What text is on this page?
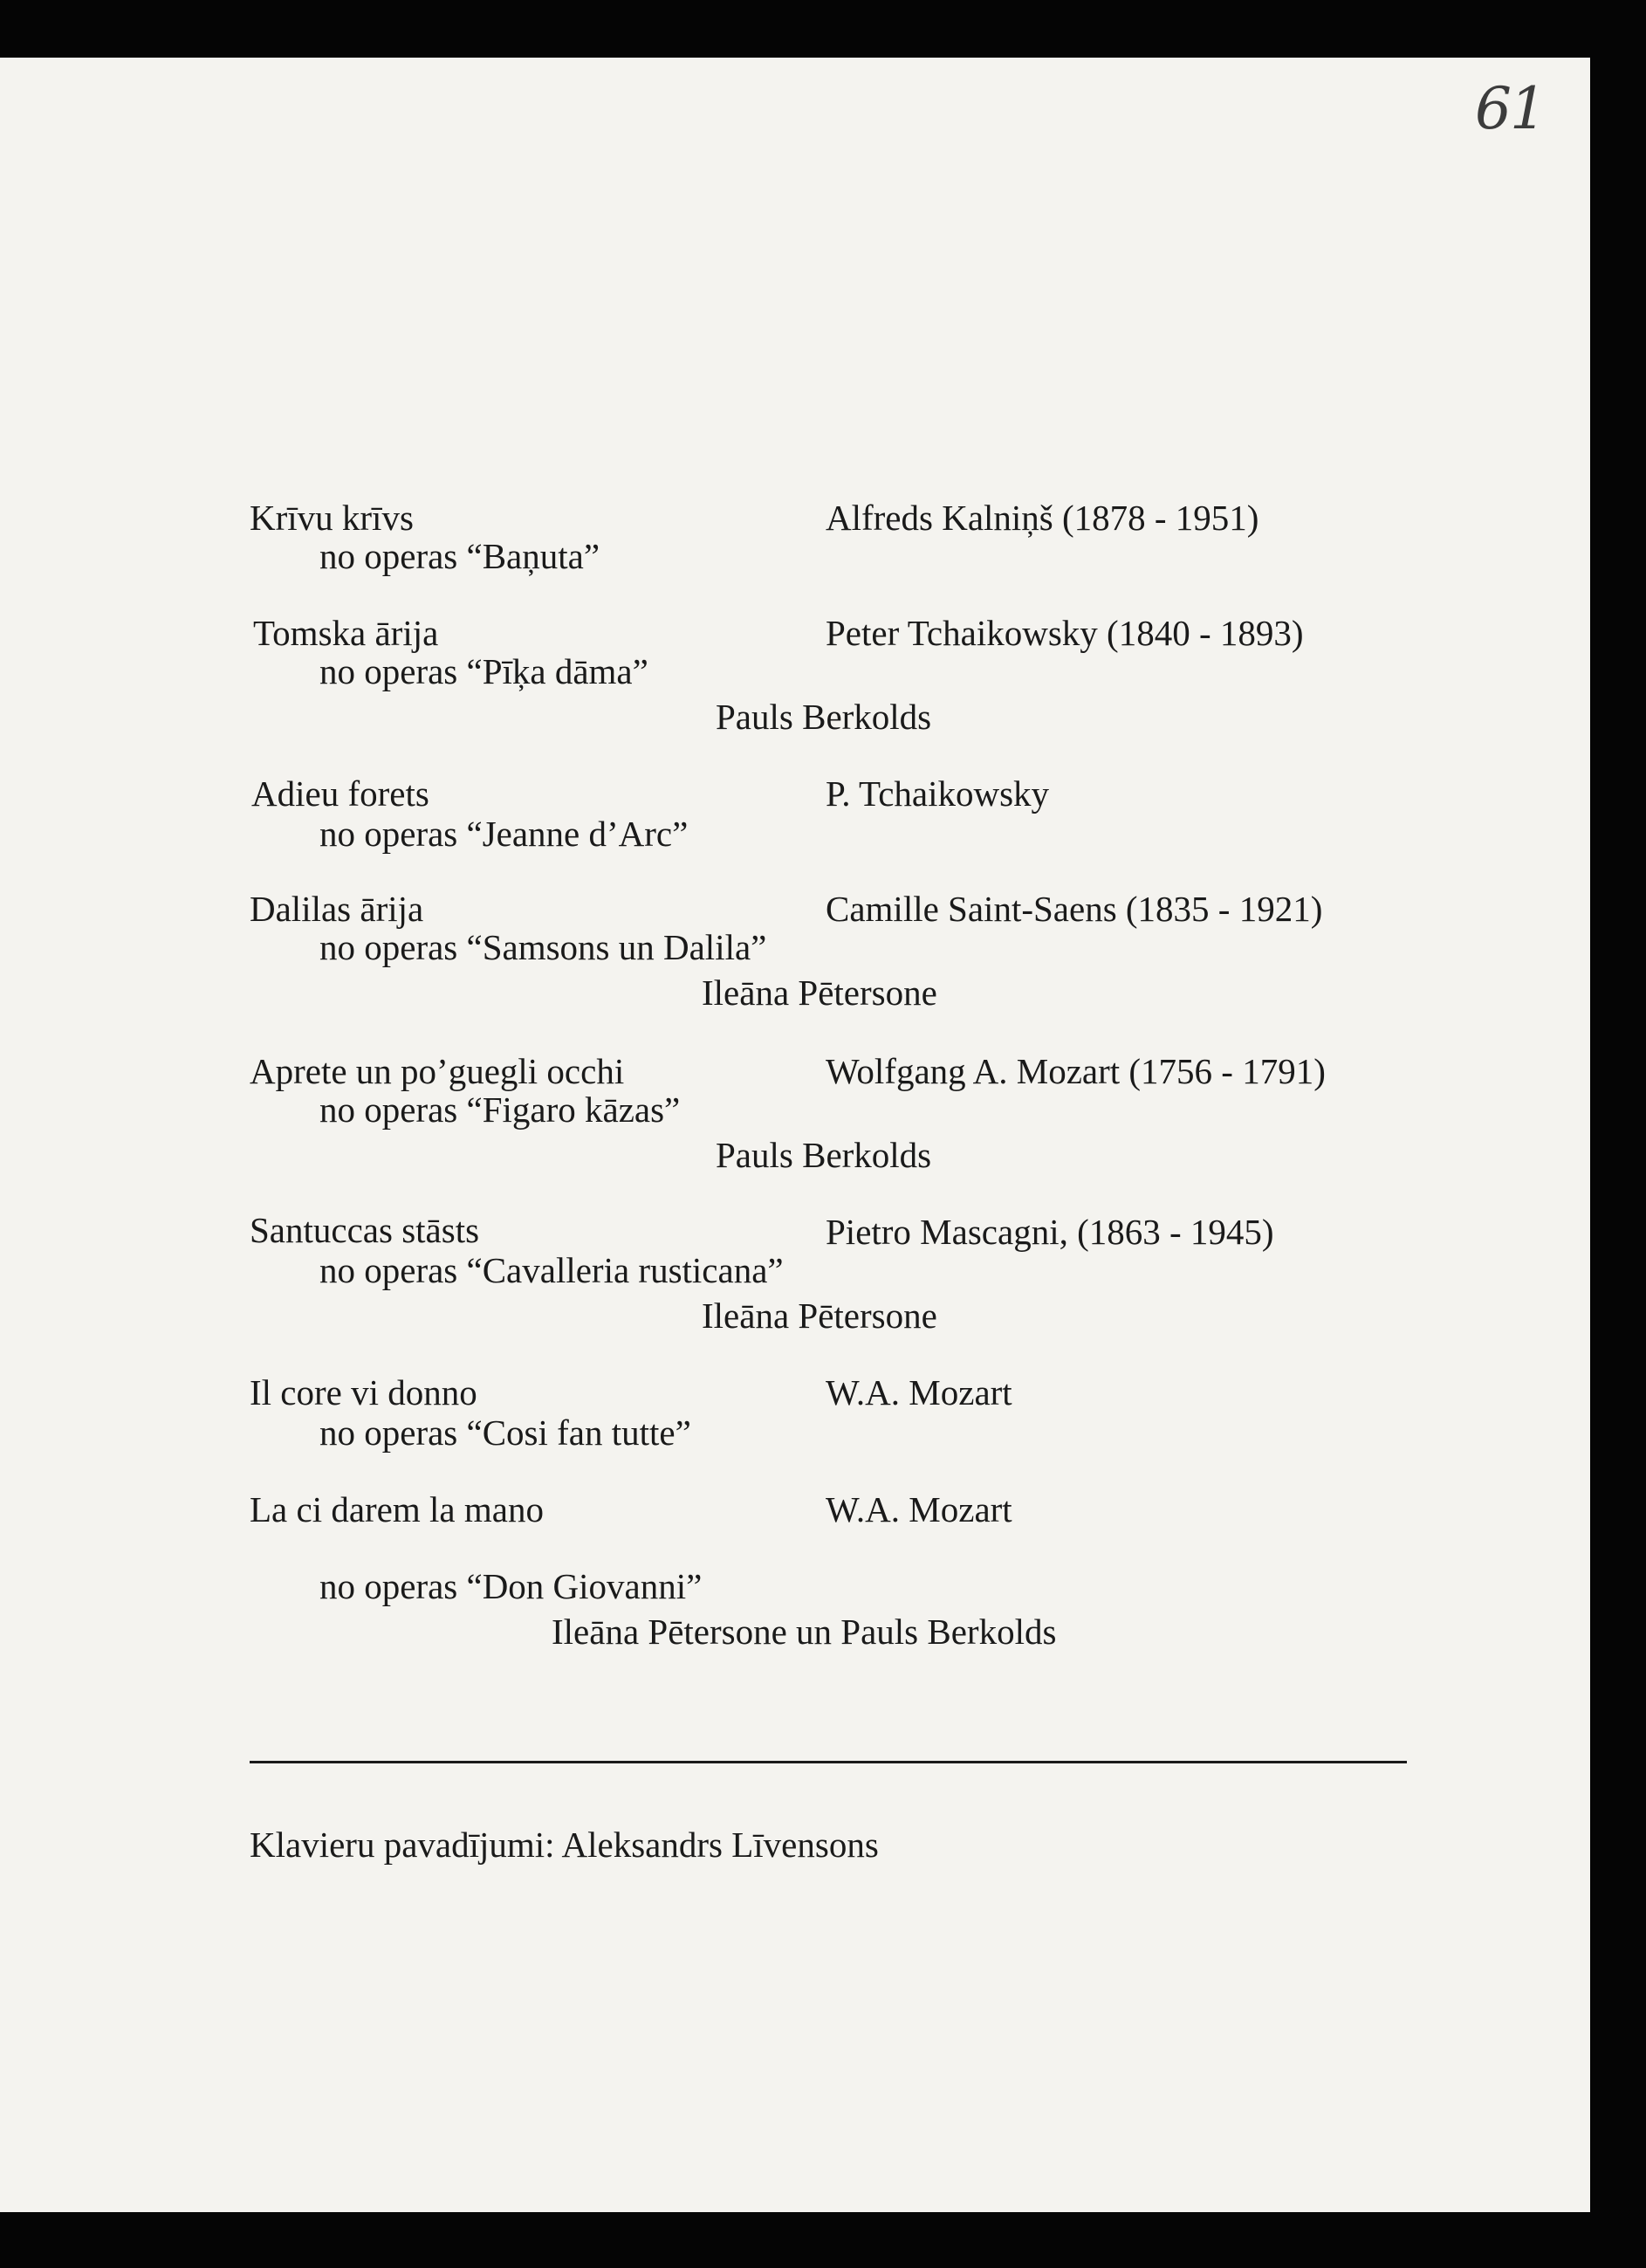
61
Krīvu krīvs	Alfreds Kalniņš (1878 - 1951)
no operas “Baņuta”
Tomska ārija	Peter Tchaikowsky (1840 - 1893)
no operas “Pīķa dāma”
Pauls Berkolds
Adieu forets	P. Tchaikowsky
no operas “Jeanne d’Arc”
Dalilas ārija	Camille Saint-Saens (1835 - 1921)
no operas “Samsons un Dalila”
Ileāna Pētersone
Aprete un po’guegli occhi	Wolfgang A. Mozart (1756 - 1791)
no operas “Figaro kāzas”
Pauls Berkolds
Santuccas stāsts	Pietro Mascagni, (1863 - 1945)
no operas “Cavalleria rusticana”
Ileāna Pētersone
Il core vi donno	W.A. Mozart
no operas “Cosi fan tutte”
La ci darem la mano	W.A. Mozart
no operas “Don Giovanni”
Ileāna Pētersone un Pauls Berkolds
Klavieru pavadījumi: Aleksandrs Līvensons
